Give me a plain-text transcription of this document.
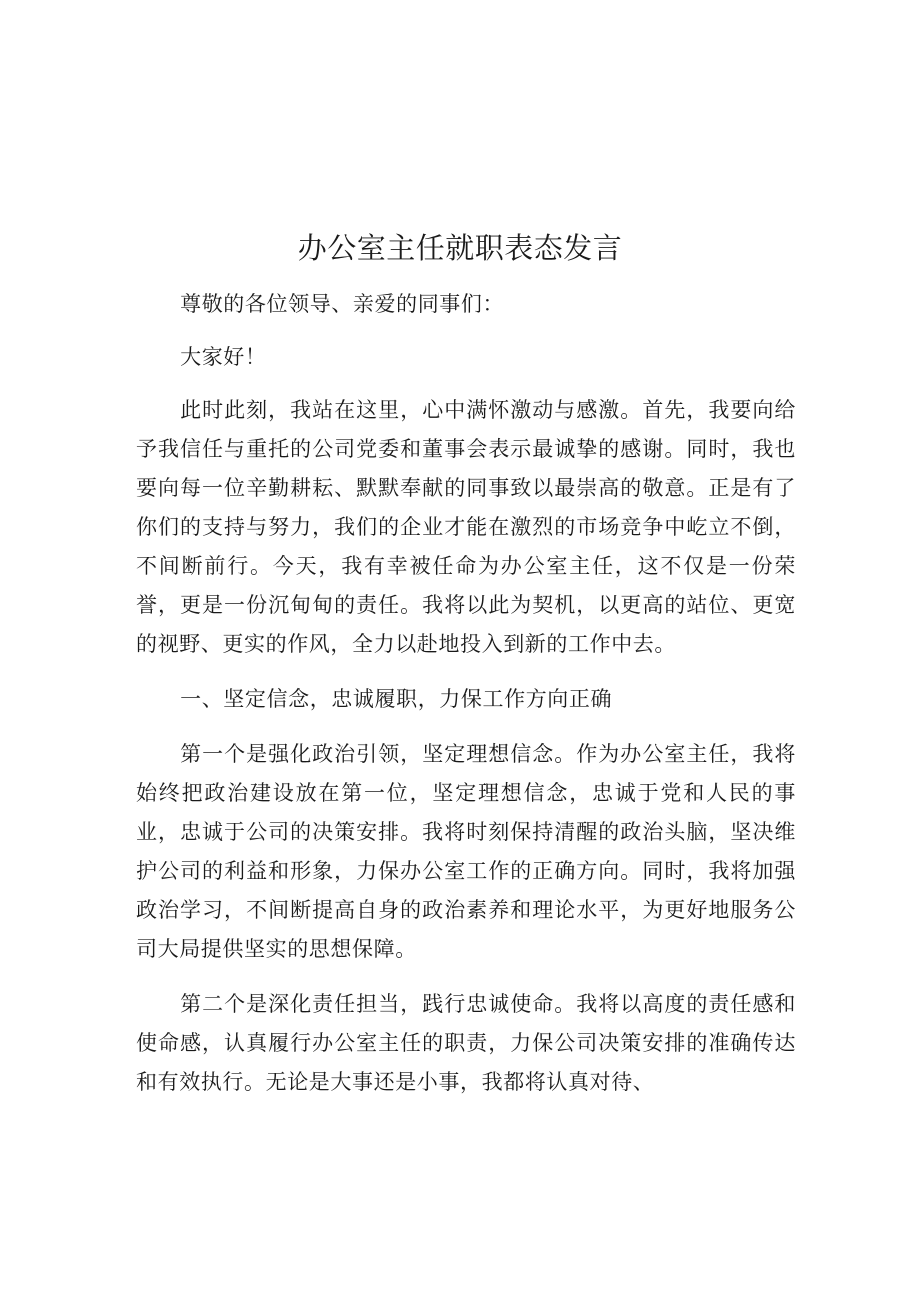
办公室主任就职表态发言

尊敬的各位领导、亲爱的同事们：

大家好！

此时此刻，我站在这里，心中满怀激动与感激。首先，我要向给予我信任与重托的公司党委和董事会表示最诚挚的感谢。同时，我也要向每一位辛勤耕耘、默默奉献的同事致以最崇高的敬意。正是有了你们的支持与努力，我们的企业才能在激烈的市场竞争中屹立不倒，不间断前行。今天，我有幸被任命为办公室主任，这不仅是一份荣誉，更是一份沉甸甸的责任。我将以此为契机，以更高的站位、更宽的视野、更实的作风，全力以赴地投入到新的工作中去。

一、坚定信念，忠诚履职，力保工作方向正确

第一个是强化政治引领，坚定理想信念。作为办公室主任，我将始终把政治建设放在第一位，坚定理想信念，忠诚于党和人民的事业，忠诚于公司的决策安排。我将时刻保持清醒的政治头脑，坚决维护公司的利益和形象，力保办公室工作的正确方向。同时，我将加强政治学习，不间断提高自身的政治素养和理论水平，为更好地服务公司大局提供坚实的思想保障。

第二个是深化责任担当，践行忠诚使命。我将以高度的责任感和使命感，认真履行办公室主任的职责，力保公司决策安排的准确传达和有效执行。无论是大事还是小事，我都将认真对待、
